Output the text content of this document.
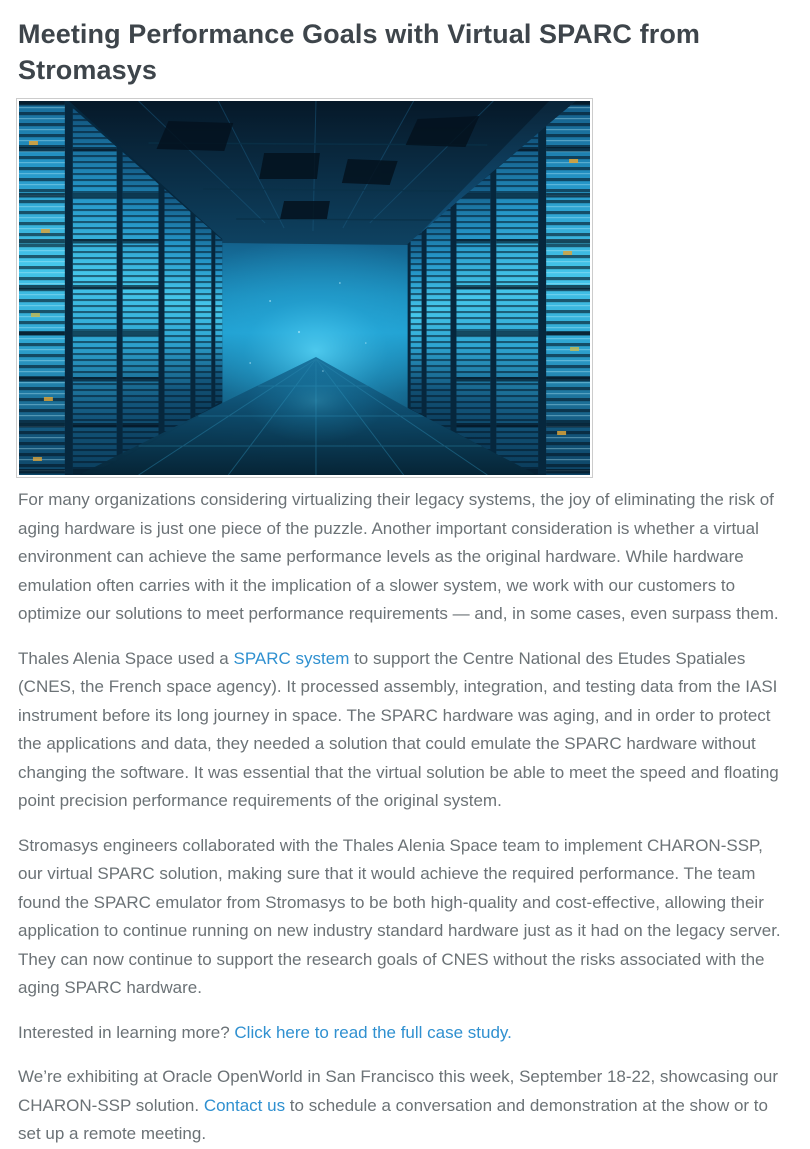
Meeting Performance Goals with Virtual SPARC from Stromasys

For many organizations considering virtualizing their legacy systems, the joy of eliminating the risk of aging hardware is just one piece of the puzzle. Another important consideration is whether a virtual environment can achieve the same performance levels as the original hardware. While hardware emulation often carries with it the implication of a slower system, we work with our customers to optimize our solutions to meet performance requirements — and, in some cases, even surpass them.

Thales Alenia Space used a SPARC system to support the Centre National des Etudes Spatiales (CNES, the French space agency). It processed assembly, integration, and testing data from the IASI instrument before its long journey in space. The SPARC hardware was aging, and in order to protect the applications and data, they needed a solution that could emulate the SPARC hardware without changing the software. It was essential that the virtual solution be able to meet the speed and floating point precision performance requirements of the original system.

Stromasys engineers collaborated with the Thales Alenia Space team to implement CHARON-SSP, our virtual SPARC solution, making sure that it would achieve the required performance. The team found the SPARC emulator from Stromasys to be both high-quality and cost-effective, allowing their application to continue running on new industry standard hardware just as it had on the legacy server. They can now continue to support the research goals of CNES without the risks associated with the aging SPARC hardware.

Interested in learning more? Click here to read the full case study.

We’re exhibiting at Oracle OpenWorld in San Francisco this week, September 18-22, showcasing our CHARON-SSP solution. Contact us to schedule a conversation and demonstration at the show or to set up a remote meeting.
